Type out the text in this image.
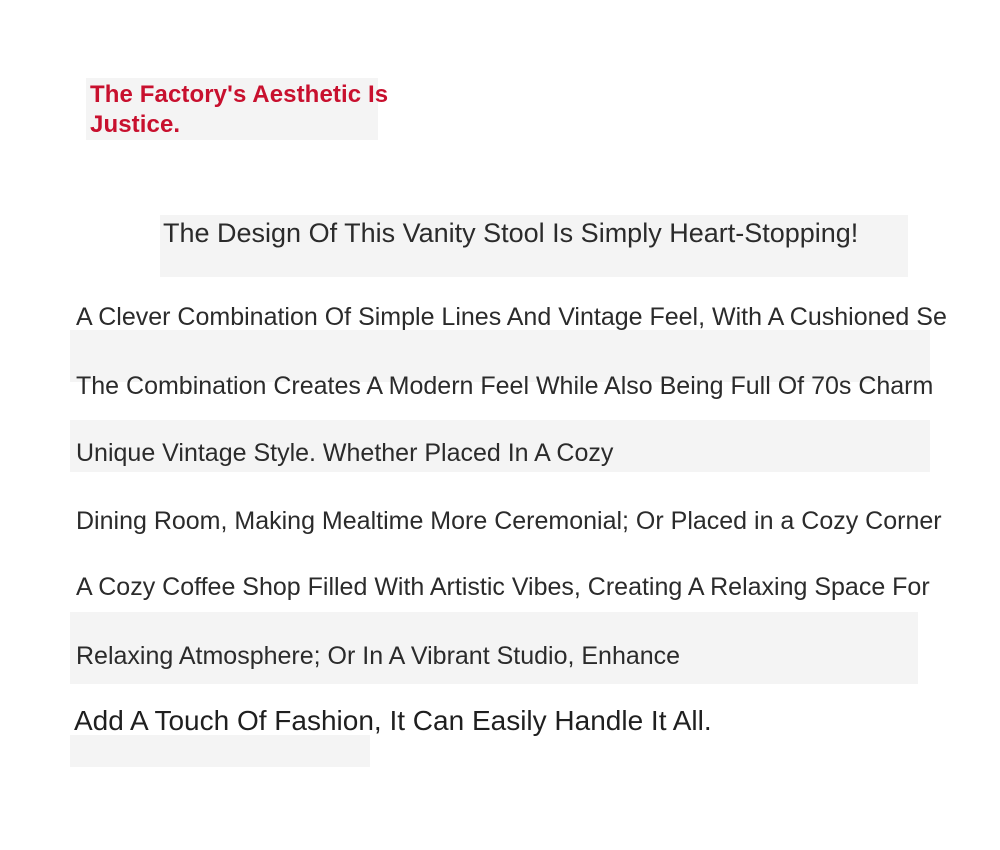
The Factory's Aesthetic Is Justice.
The Design Of This Vanity Stool Is Simply Heart-Stopping!
A Clever Combination Of Simple Lines And Vintage Feel, With A Cushioned Se
The Combination Creates A Modern Feel While Also Being Full Of 70s Charm
Unique Vintage Style. Whether Placed In A Cozy
Dining Room, Making Mealtime More Ceremonial; Or Placed in a Cozy Corner
A Cozy Coffee Shop Filled With Artistic Vibes, Creating A Relaxing Space For
Relaxing Atmosphere; Or In A Vibrant Studio, Enhance
Add A Touch Of Fashion, It Can Easily Handle It All.
